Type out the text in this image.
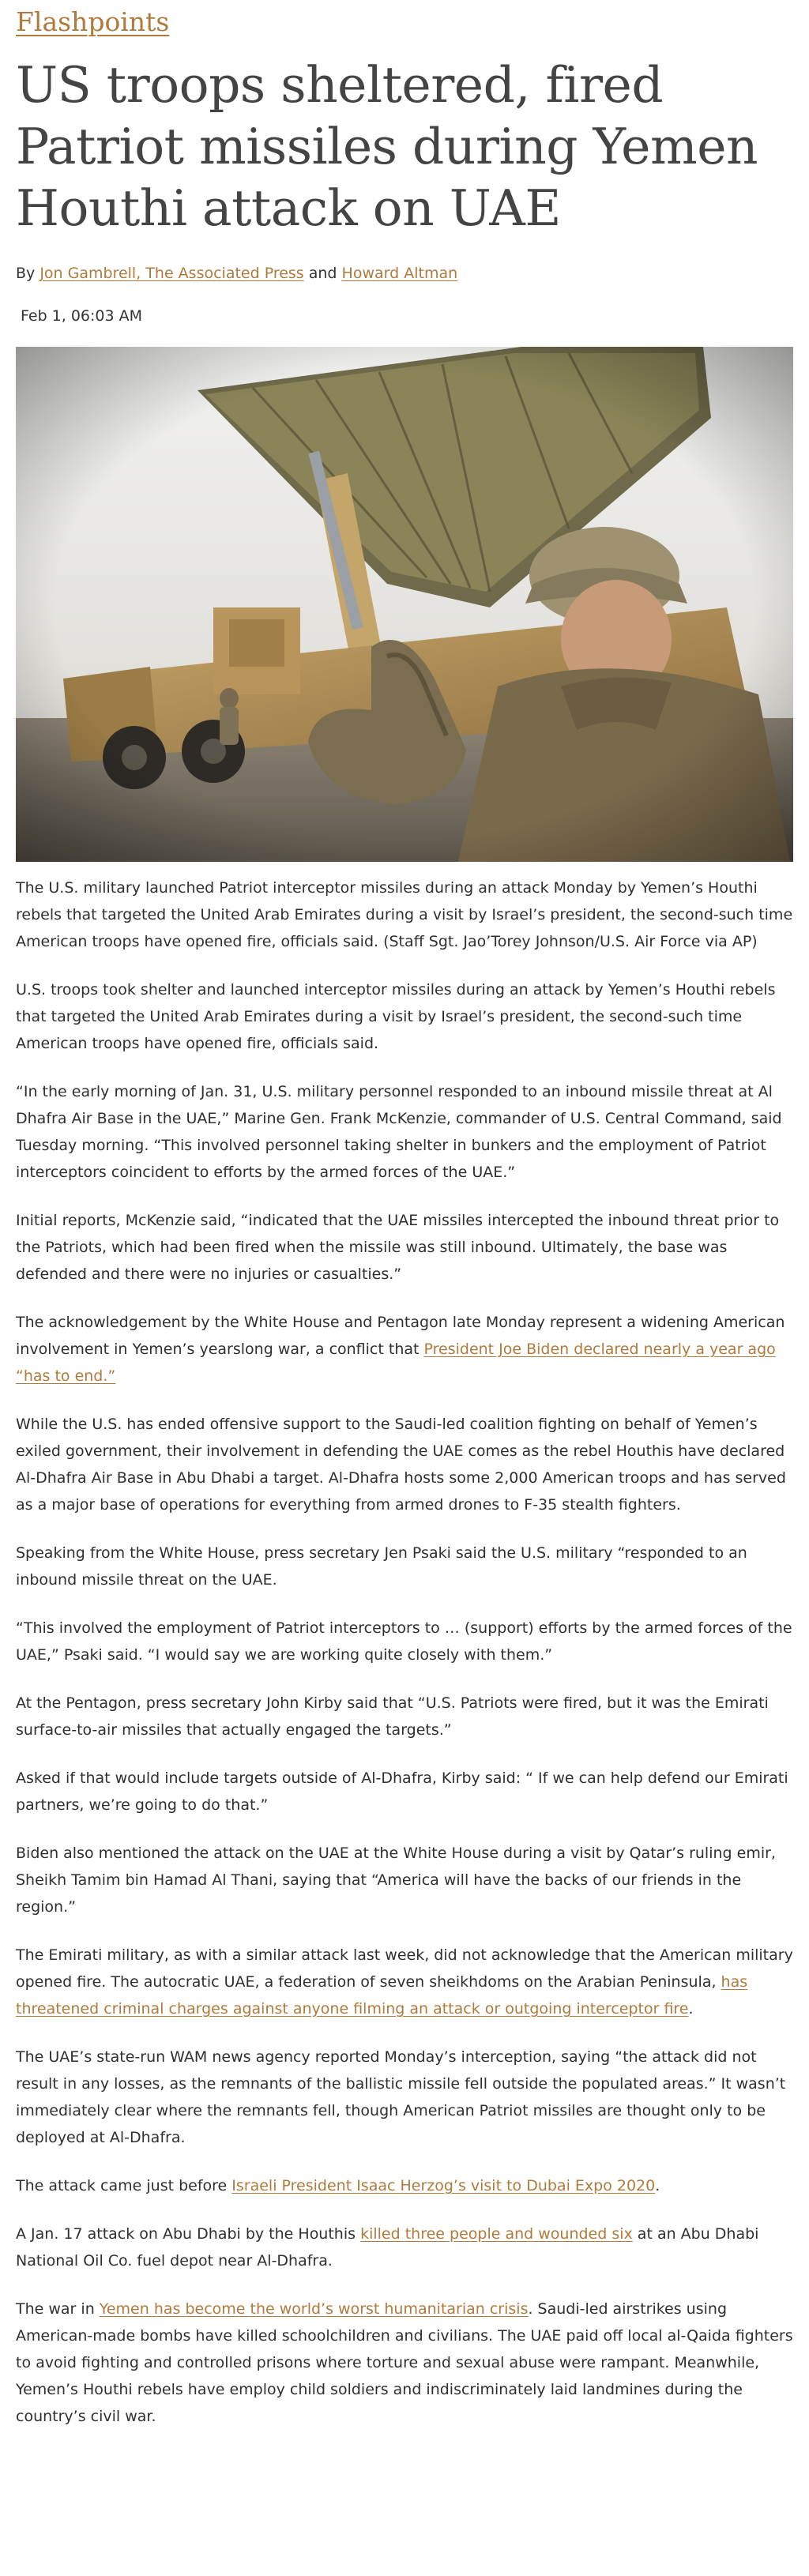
Flashpoints
US troops sheltered, fired Patriot missiles during Yemen Houthi attack on UAE
By Jon Gambrell, The Associated Press and Howard Altman
Feb 1, 06:03 AM

The U.S. military launched Patriot interceptor missiles during an attack Monday by Yemen’s Houthi rebels that targeted the United Arab Emirates during a visit by Israel’s president, the second-such time American troops have opened fire, officials said. (Staff Sgt. Jao’Torey Johnson/U.S. Air Force via AP)

U.S. troops took shelter and launched interceptor missiles during an attack by Yemen’s Houthi rebels that targeted the United Arab Emirates during a visit by Israel’s president, the second-such time American troops have opened fire, officials said.

“In the early morning of Jan. 31, U.S. military personnel responded to an inbound missile threat at Al Dhafra Air Base in the UAE,” Marine Gen. Frank McKenzie, commander of U.S. Central Command, said Tuesday morning. “This involved personnel taking shelter in bunkers and the employment of Patriot interceptors coincident to efforts by the armed forces of the UAE.”

Initial reports, McKenzie said, “indicated that the UAE missiles intercepted the inbound threat prior to the Patriots, which had been fired when the missile was still inbound. Ultimately, the base was defended and there were no injuries or casualties.”

The acknowledgement by the White House and Pentagon late Monday represent a widening American involvement in Yemen’s yearslong war, a conflict that President Joe Biden declared nearly a year ago “has to end.”

While the U.S. has ended offensive support to the Saudi-led coalition fighting on behalf of Yemen’s exiled government, their involvement in defending the UAE comes as the rebel Houthis have declared Al-Dhafra Air Base in Abu Dhabi a target. Al-Dhafra hosts some 2,000 American troops and has served as a major base of operations for everything from armed drones to F-35 stealth fighters.

Speaking from the White House, press secretary Jen Psaki said the U.S. military “responded to an inbound missile threat on the UAE.

“This involved the employment of Patriot interceptors to … (support) efforts by the armed forces of the UAE,” Psaki said. “I would say we are working quite closely with them.”

At the Pentagon, press secretary John Kirby said that “U.S. Patriots were fired, but it was the Emirati surface-to-air missiles that actually engaged the targets.”

Asked if that would include targets outside of Al-Dhafra, Kirby said: “ If we can help defend our Emirati partners, we’re going to do that.”

Biden also mentioned the attack on the UAE at the White House during a visit by Qatar’s ruling emir, Sheikh Tamim bin Hamad Al Thani, saying that “America will have the backs of our friends in the region.”

The Emirati military, as with a similar attack last week, did not acknowledge that the American military opened fire. The autocratic UAE, a federation of seven sheikhdoms on the Arabian Peninsula, has threatened criminal charges against anyone filming an attack or outgoing interceptor fire.

The UAE’s state-run WAM news agency reported Monday’s interception, saying “the attack did not result in any losses, as the remnants of the ballistic missile fell outside the populated areas.” It wasn’t immediately clear where the remnants fell, though American Patriot missiles are thought only to be deployed at Al-Dhafra.

The attack came just before Israeli President Isaac Herzog’s visit to Dubai Expo 2020.

A Jan. 17 attack on Abu Dhabi by the Houthis killed three people and wounded six at an Abu Dhabi National Oil Co. fuel depot near Al-Dhafra.

The war in Yemen has become the world’s worst humanitarian crisis. Saudi-led airstrikes using American-made bombs have killed schoolchildren and civilians. The UAE paid off local al-Qaida fighters to avoid fighting and controlled prisons where torture and sexual abuse were rampant. Meanwhile, Yemen’s Houthi rebels have employ child soldiers and indiscriminately laid landmines during the country’s civil war.
